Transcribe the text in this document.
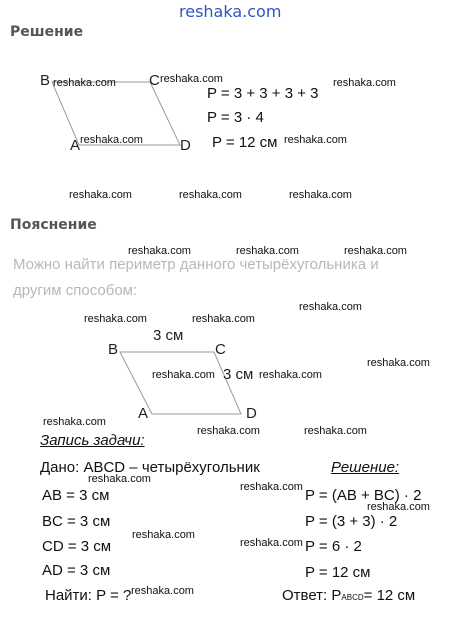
reshaka.com
Решение
B	C
A	D
P = 3 + 3 + 3 + 3
P = 3 · 4
P = 12 см
Пояснение
Можно найти периметр данного четырёхугольника и другим способом:
3 см
B	C
3 см
A	D
Запись задачи:
Дано: ABCD – четырёхугольник	Решение:
AB = 3 см
BC = 3 см
CD = 3 см
AD = 3 см
Найти: P = ?
P = (AB + BC) · 2
P = (3 + 3) · 2
P = 6 · 2
P = 12 см
Ответ: PABCD= 12 см
reshaka.com	reshaka.com	reshaka.com
reshaka.com	reshaka.com
reshaka.com	reshaka.com	reshaka.com
reshaka.com	reshaka.com	reshaka.com
reshaka.com
reshaka.com	reshaka.com
reshaka.com
reshaka.com	reshaka.com
reshaka.com
reshaka.com	reshaka.com
reshaka.com
reshaka.com
reshaka.com
reshaka.com
reshaka.com
reshaka.com
